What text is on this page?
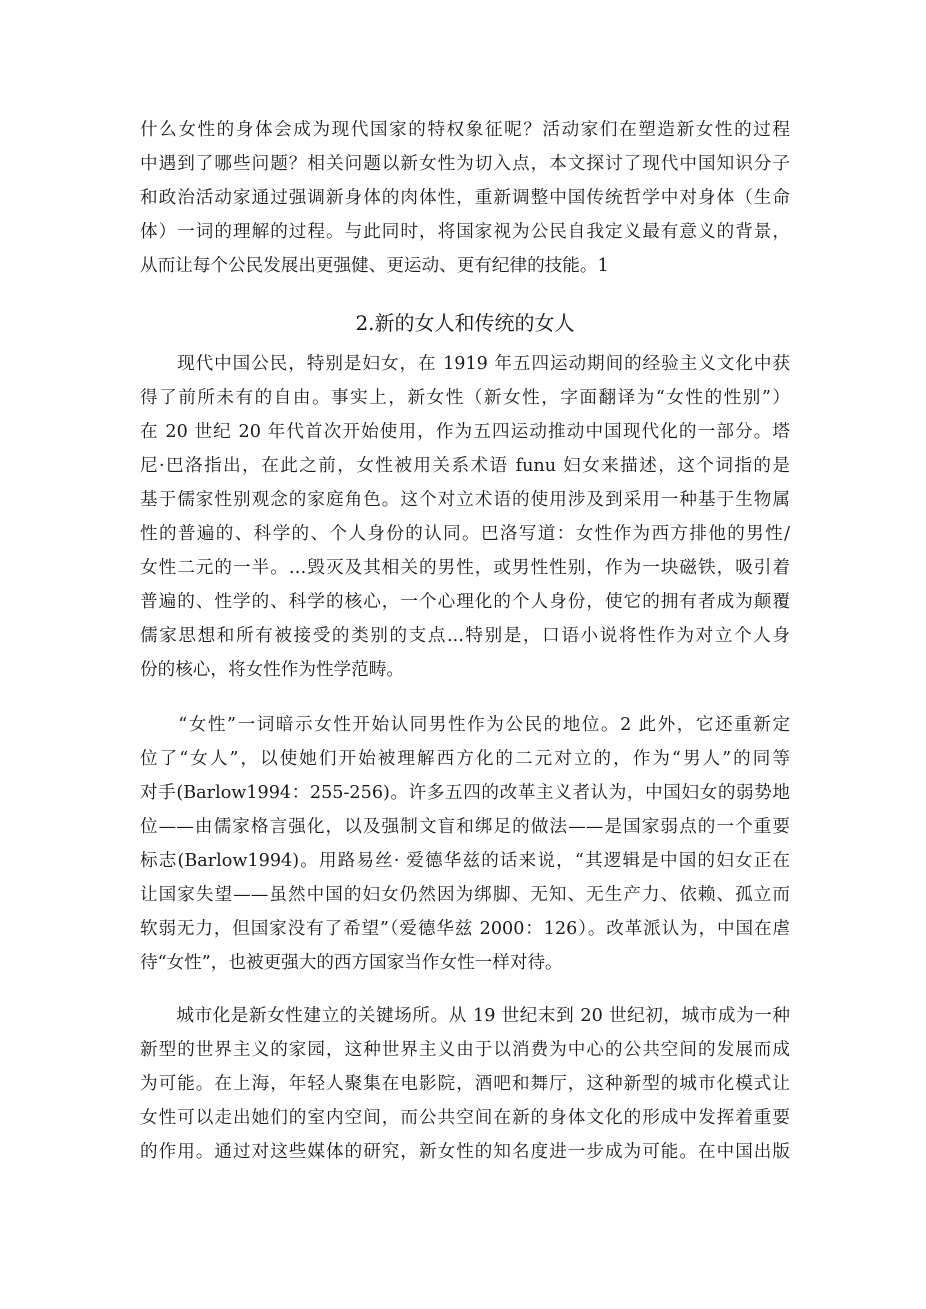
什么女性的身体会成为现代国家的特权象征呢？活动家们在塑造新女性的过程
中遇到了哪些问题？相关问题以新女性为切入点，本文探讨了现代中国知识分子
和政治活动家通过强调新身体的肉体性，重新调整中国传统哲学中对身体（生命
体）一词的理解的过程。与此同时，将国家视为公民自我定义最有意义的背景，
从而让每个公民发展出更强健、更运动、更有纪律的技能。1
2.新的女人和传统的女人
　　现代中国公民，特别是妇女，在 1919 年五四运动期间的经验主义文化中获
得了前所未有的自由。事实上，新女性（新女性，字面翻译为“女性的性别”）
在 20 世纪 20 年代首次开始使用，作为五四运动推动中国现代化的一部分。塔
尼·巴洛指出，在此之前，女性被用关系术语 funu 妇女来描述，这个词指的是
基于儒家性别观念的家庭角色。这个对立术语的使用涉及到采用一种基于生物属
性的普遍的、科学的、个人身份的认同。巴洛写道：女性作为西方排他的男性/
女性二元的一半。…毁灭及其相关的男性，或男性性别，作为一块磁铁，吸引着
普遍的、性学的、科学的核心，一个心理化的个人身份，使它的拥有者成为颠覆
儒家思想和所有被接受的类别的支点...特别是，口语小说将性作为对立个人身
份的核心，将女性作为性学范畴。
　　“女性”一词暗示女性开始认同男性作为公民的地位。2 此外，它还重新定
位了“女人”，以使她们开始被理解西方化的二元对立的，作为“男人”的同等
对手(Barlow1994：255-256)。许多五四的改革主义者认为，中国妇女的弱势地
位——由儒家格言强化，以及强制文盲和绑足的做法——是国家弱点的一个重要
标志(Barlow1994)。用路易丝· 爱德华兹的话来说，“其逻辑是中国的妇女正在
让国家失望——虽然中国的妇女仍然因为绑脚、无知、无生产力、依赖、孤立而
软弱无力，但国家没有了希望”（爱德华兹 2000：126）。改革派认为，中国在虐
待“女性”，也被更强大的西方国家当作女性一样对待。
　　城市化是新女性建立的关键场所。从 19 世纪末到 20 世纪初，城市成为一种
新型的世界主义的家园，这种世界主义由于以消费为中心的公共空间的发展而成
为可能。在上海，年轻人聚集在电影院，酒吧和舞厅，这种新型的城市化模式让
女性可以走出她们的室内空间，而公共空间在新的身体文化的形成中发挥着重要
的作用。通过对这些媒体的研究，新女性的知名度进一步成为可能。在中国出版
